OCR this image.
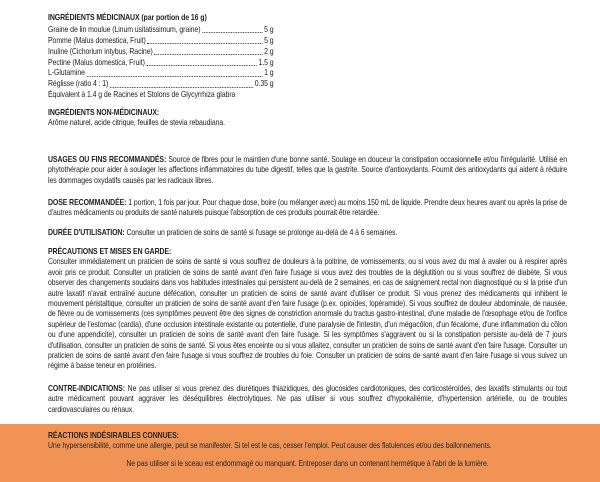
INGRÉDIENTS MÉDICINAUX (par portion de 16 g)
Graine de lin moulue (Linum usitatissimum, graine)	5 g
Pomme (Malus domestica, Fruit)	5 g
Inuline (Cichorium intybus, Racine)	2 g
Pectine (Malus domestica, Fruit)	1.5 g
L-Glutamine	1 g
Réglisse (ratio 4 : 1)	0.35 g
Équivalent à 1.4 g de Racines et Stolons de Glycyrrhiza glabra
INGRÉDIENTS NON-MÉDICINAUX:
Arôme naturel, acide citrique, feuilles de stevia rebaudiana.

USAGES OU FINS RECOMMANDÉS: Source de fibres pour le maintien d'une bonne santé. Soulage en douceur la constipation occasionnelle et/ou l'irrégularité. Utilisé en phytothérapie pour aider à soulager les affections inflammatoires du tube digestif, telles que la gastrite. Source d'antioxydants. Fournit des antioxydants qui aident à réduire les dommages oxydatifs causés par les radicaux libres.

DOSE RECOMMANDÉE: 1 portion, 1 fois par jour. Pour chaque dose, boire (ou mélanger avec) au moins 150 mL de liquide. Prendre deux heures avant ou après la prise de d'autres médicaments ou produits de santé naturels puisque l'absorption de ces produits pourrait être retardée.

DURÉE D'UTILISATION: Consulter un praticien de soins de santé si l'usage se prolonge au-delà de 4 à 6 semaines.

PRÉCAUTIONS ET MISES EN GARDE:
Consulter immédiatement un praticien de soins de santé si vous souffrez de douleurs à la poitrine, de vomissements, ou si vous avez du mal à avaler ou à respirer après avoir pris ce produit. Consulter un praticien de soins de santé avant d'en faire l'usage si vous avez des troubles de la déglutition ou si vous souffrez de diabète. Si vous observer des changements soudains dans vos habitudes intestinales qui persistent au-delà de 2 semaines, en cas de saignement rectal non diagnostiqué ou si la prise d'un autre laxatif n'avait entraîné aucune défécation, consulter un praticien de soins de santé avant d'utiliser ce produit. Si vous prenez des médicaments qui inhibent le mouvement péristaltique, consulter un praticien de soins de santé avant d'en faire l'usage (p.ex. opioïdes, lopéramide). Si vous souffrez de douleur abdominale, de nausée, de fièvre ou de vomissements (ces symptômes peuvent être des signes de constriction anormale du tractus gastro-intestinal, d'une maladie de l'œsophage et/ou de l'orifice supérieur de l'estomac (cardia), d'une occlusion intestinale existante ou potentielle, d'une paralysie de l'intestin, d'un mégacôlon, d'un fécalome, d'une inflammation du côlon ou d'une appendicite), consulter un praticien de soins de santé avant d'en faire l'usage. Si les symptômes s'aggravent ou si la constipation persiste au-delà de 7 jours d'utilisation, consulter un praticien de soins de santé. Si vous êtes enceinte ou si vous allaitez, consulter un praticien de soins de santé avant d'en faire l'usage. Consulter un praticien de soins de santé avant d'en faire l'usage si vous souffrez de troubles du foie. Consulter un praticien de soins de santé avant d'en faire l'usage si vous suivez un régime à basse teneur en protéines.

CONTRE-INDICATIONS: Ne pas utiliser si vous prenez des diurétiques thiazidiques, des glucosides cardiotoniques, des corticostéroïdes, des laxatifs stimulants ou tout autre médicament pouvant aggraver les déséquilibres électrolytiques. Ne pas utiliser si vous souffrez d'hypokaliémie, d'hypertension artérielle, ou de troubles cardiovasculaires ou rénaux.

RÉACTIONS INDÉSIRABLES CONNUES:
Une hypersensibilité, comme une allergie, peut se manifester. Si tel est le cas, cesser l'emploi. Peut causer des flatulences et/ou des ballonnements.
Ne pas utiliser si le sceau est endommagé ou manquant. Entreposer dans un contenant hermétique à l'abri de la lumière.
